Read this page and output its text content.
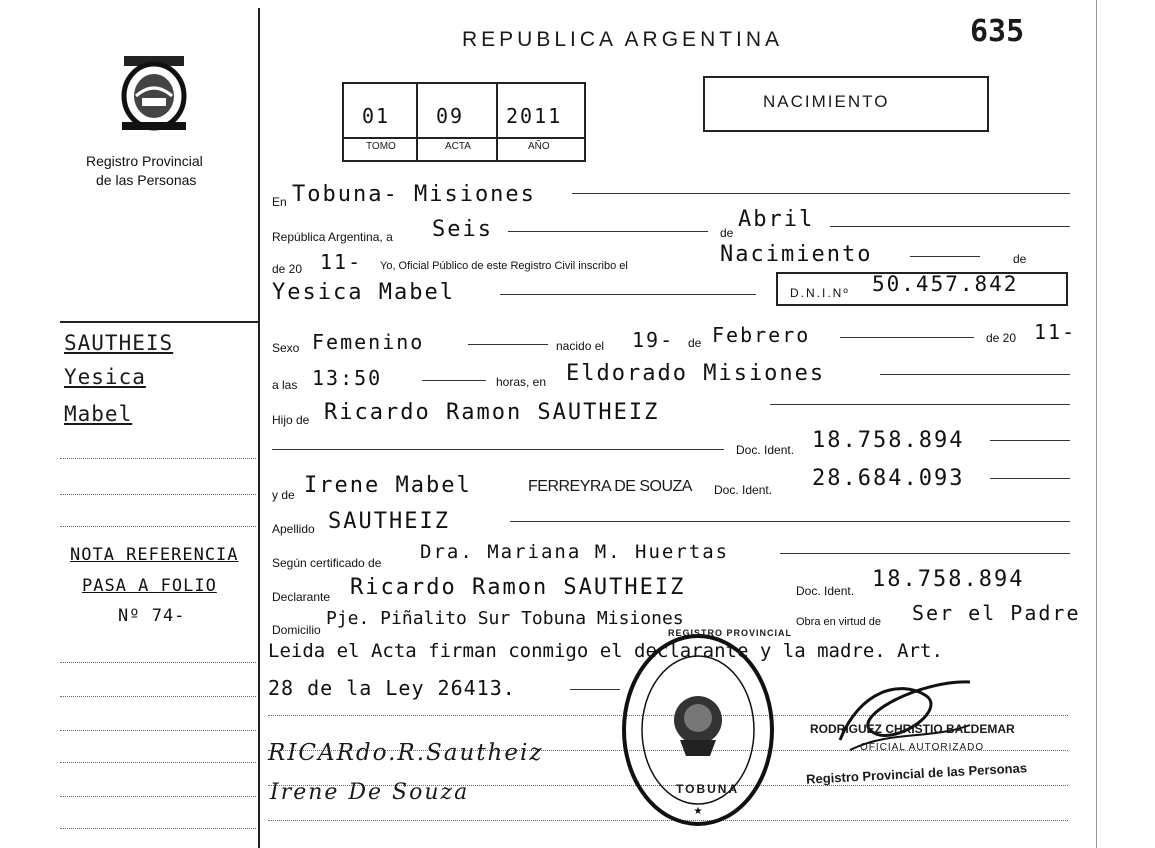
Registro Provincial
de las Personas
REPUBLICA ARGENTINA	635
NACIMIENTO
01 09 2011
TOMO	ACTA	AÑO
SAUTHEIS
Yesica
Mabel
NOTA REFERENCIA
PASA A FOLIO
Nº 74-
En Tobuna- Misiones
República Argentina, a Seis	de
Abril
de 20 11- Yo, Oficial Público de este Registro Civil inscribo el	Nacimiento	de
Yesica Mabel	D.N.I.Nº 50.457.842
Sexo Femenino	nacido el 19- de Febrero	de 20 11-
a las 13:50	horas, en Eldorado Misiones
Hijo de Ricardo Ramon SAUTHEIZ
Doc. Ident. 18.758.894
y de Irene Mabel	FERREYRA DE SOUZA Doc. Ident. 28.684.093
Apellido SAUTHEIZ
Según certificado de Dra. Mariana M. Huertas
Declarante Ricardo Ramon SAUTHEIZ	Doc. Ident. 18.758.894
Domicilio
Pje. Piñalito Sur Tobuna Misiones	Obra en virtud de Ser el Padre
Leida el Acta firman conmigo el declarante y la madre. Art.
28 de la Ley 26413.
RICARdo.R.Sautheiz
Irene De Souza
★
REGISTRO PROVINCIAL
TOBUNA
RODRIGUEZ CHRISTIO BALDEMAR
OFICIAL AUTORIZADO
Registro Provincial de las Personas
